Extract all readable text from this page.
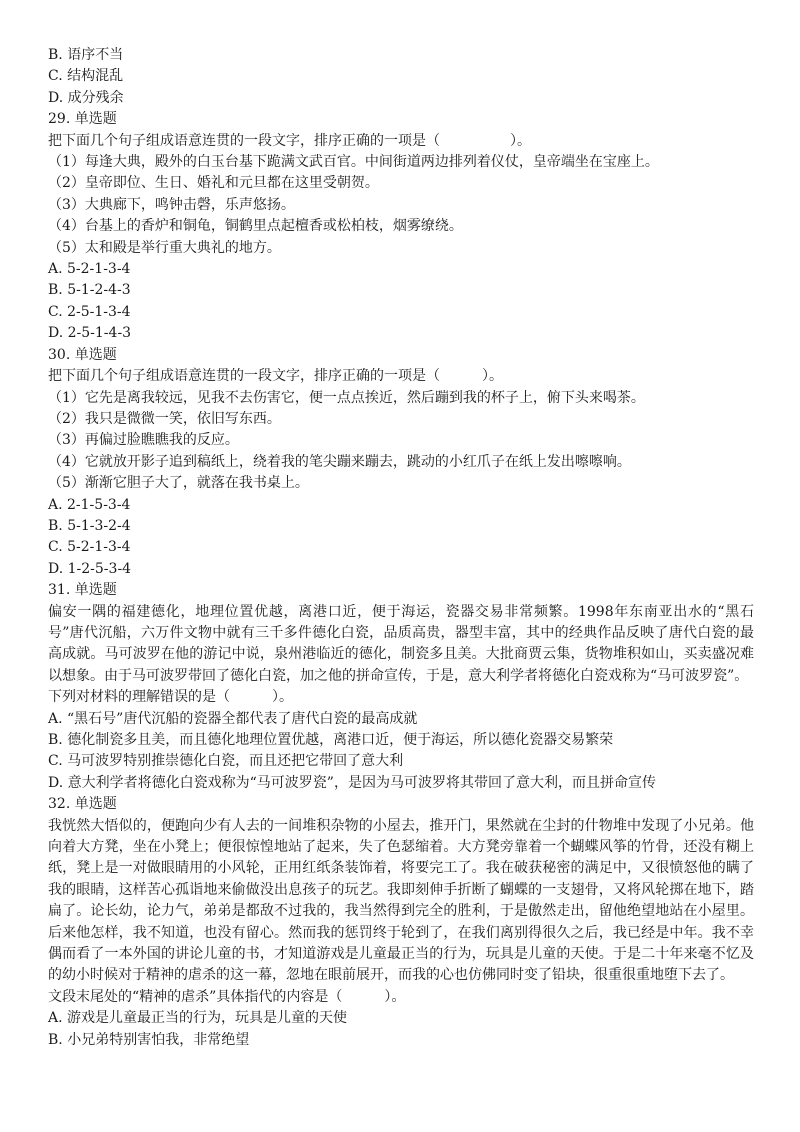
B. 语序不当
C. 结构混乱
D. 成分残余
29. 单选题
把下面几个句子组成语意连贯的一段文字，排序正确的一项是（　　　　　）。
（1）每逢大典，殿外的白玉台基下跪满文武百官。中间街道两边排列着仪仗，皇帝端坐在宝座上。
（2）皇帝即位、生日、婚礼和元旦都在这里受朝贺。
（3）大典廊下，鸣钟击磬，乐声悠扬。
（4）台基上的香炉和铜龟，铜鹤里点起檀香或松柏枝，烟雾缭绕。
（5）太和殿是举行重大典礼的地方。
A. 5-2-1-3-4
B. 5-1-2-4-3
C. 2-5-1-3-4
D. 2-5-1-4-3
30. 单选题
把下面几个句子组成语意连贯的一段文字，排序正确的一项是（　　　）。
（1）它先是离我较远，见我不去伤害它，便一点点挨近，然后蹦到我的杯子上，俯下头来喝茶。
（2）我只是微微一笑，依旧写东西。
（3）再偏过脸瞧瞧我的反应。
（4）它就放开影子追到稿纸上，绕着我的笔尖蹦来蹦去，跳动的小红爪子在纸上发出嚓嚓响。
（5）渐渐它胆子大了，就落在我书桌上。
A. 2-1-5-3-4
B. 5-1-3-2-4
C. 5-2-1-3-4
D. 1-2-5-3-4
31. 单选题
偏安一隅的福建德化，地理位置优越，离港口近，便于海运，瓷器交易非常频繁。1998年东南亚出水的“黑石号”唐代沉船，六万件文物中就有三千多件德化白瓷，品质高贵，器型丰富，其中的经典作品反映了唐代白瓷的最高成就。马可波罗在他的游记中说，泉州港临近的德化，制瓷多且美。大批商贾云集，货物堆积如山，买卖盛况难以想象。由于马可波罗带回了德化白瓷，加之他的拼命宣传，于是，意大利学者将德化白瓷戏称为“马可波罗瓷”。
下列对材料的理解错误的是（　　　）。
A. “黑石号”唐代沉船的瓷器全都代表了唐代白瓷的最高成就
B. 德化制瓷多且美，而且德化地理位置优越，离港口近，便于海运，所以德化瓷器交易繁荣
C. 马可波罗特别推崇德化白瓷，而且还把它带回了意大利
D. 意大利学者将德化白瓷戏称为“马可波罗瓷”，是因为马可波罗将其带回了意大利，而且拼命宣传
32. 单选题
我恍然大悟似的，便跑向少有人去的一间堆积杂物的小屋去，推开门，果然就在尘封的什物堆中发现了小兄弟。他向着大方凳，坐在小凳上；便很惊惶地站了起来，失了色瑟缩着。大方凳旁靠着一个蝴蝶风筝的竹骨，还没有糊上纸，凳上是一对做眼睛用的小风轮，正用红纸条装饰着，将要完工了。我在破获秘密的满足中，又很愤怒他的瞒了我的眼睛，这样苦心孤诣地来偷做没出息孩子的玩艺。我即刻伸手折断了蝴蝶的一支翅骨，又将风轮掷在地下，踏扁了。论长幼，论力气，弟弟是都敌不过我的，我当然得到完全的胜利，于是傲然走出，留他绝望地站在小屋里。后来他怎样，我不知道，也没有留心。然而我的惩罚终于轮到了，在我们离别得很久之后，我已经是中年。我不幸偶而看了一本外国的讲论儿童的书，才知道游戏是儿童最正当的行为，玩具是儿童的天使。于是二十年来毫不忆及的幼小时候对于精神的虐杀的这一幕，忽地在眼前展开，而我的心也仿佛同时变了铅块，很重很重地堕下去了。
文段末尾处的“精神的虐杀”具体指代的内容是（　　　）。
A. 游戏是儿童最正当的行为，玩具是儿童的天使
B. 小兄弟特别害怕我，非常绝望
